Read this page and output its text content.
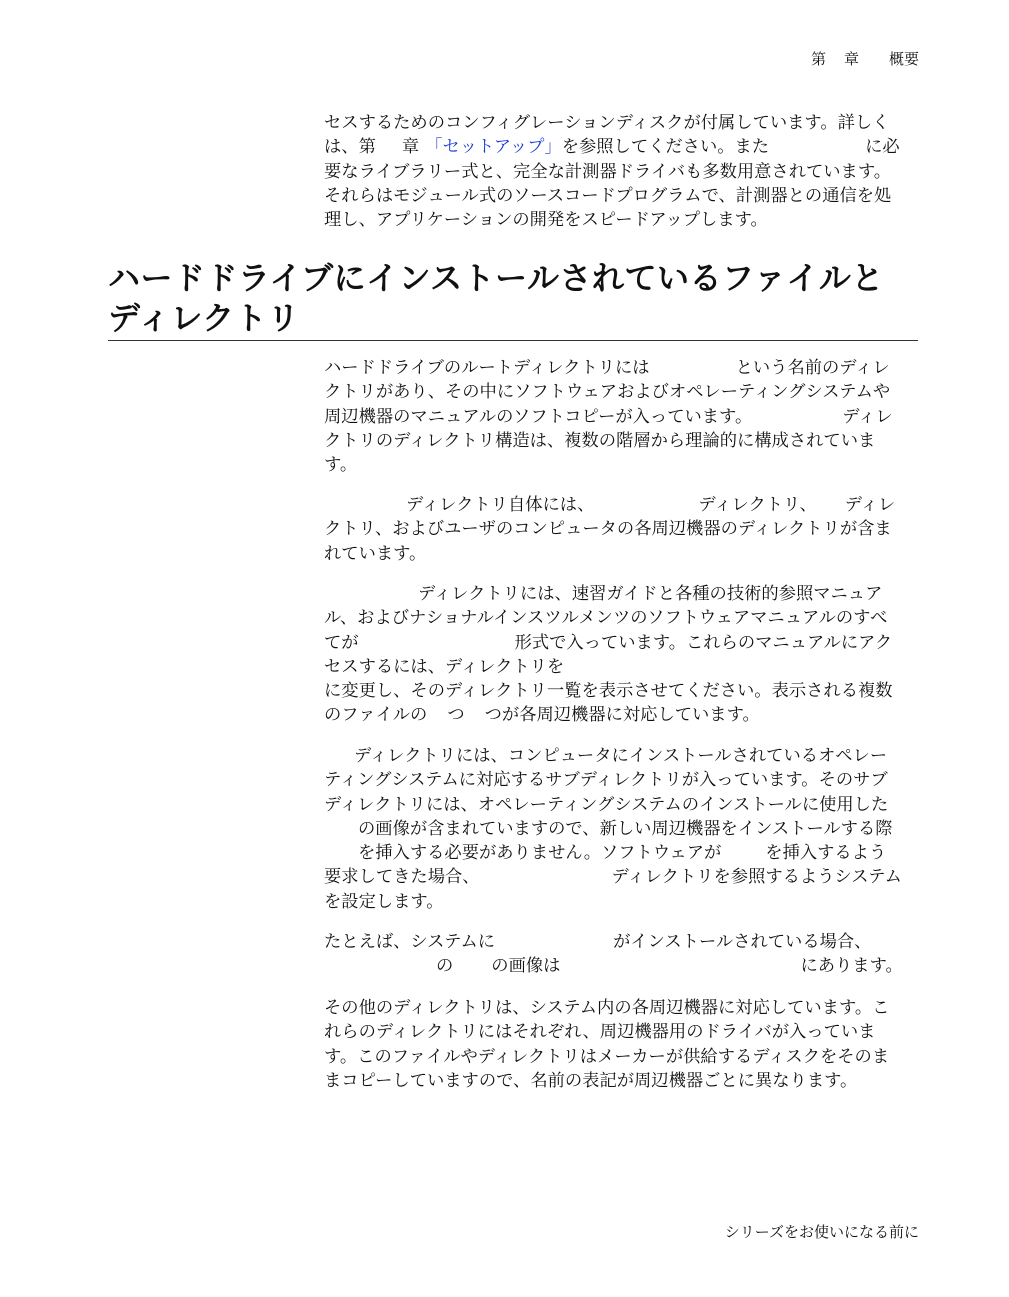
第 章 概要
セスするためのコンフィグレーションディスクが付属しています。詳しく
は、第 章 「セットアップ」を参照してください。また	に必
要なライブラリー式と、完全な計測器ドライバも多数用意されています。
それらはモジュール式のソースコードプログラムで、計測器との通信を処
理し、アプリケーションの開発をスピードアップします。
ハードドライブにインストールされているファイルと
ディレクトリ
ハードドライブのルートディレクトリには	という名前のディレ
クトリがあり、その中にソフトウェアおよびオペレーティングシステムや
周辺機器のマニュアルのソフトコピーが入っています。	ディレ
クトリのディレクトリ構造は、複数の階層から理論的に構成されていま
す。
ディレクトリ自体には、	ディレクトリ、 ディレ
クトリ、およびユーザのコンピュータの各周辺機器のディレクトリが含ま
れています。
ディレクトリには、速習ガイドと各種の技術的参照マニュア
ル、およびナショナルインスツルメンツのソフトウェアマニュアルのすべ
てが	形式で入っています。これらのマニュアルにアク
セスするには、ディレクトリを
に変更し、そのディレクトリ一覧を表示させてください。表示される複数
のファイルの つ つが各周辺機器に対応しています。
ディレクトリには、コンピュータにインストールされているオペレー
ティングシステムに対応するサブディレクトリが入っています。そのサブ
ディレクトリには、オペレーティングシステムのインストールに使用した
の画像が含まれていますので、新しい周辺機器をインストールする際
を挿入する必要がありません。ソフトウェアが	を挿入するよう
要求してきた場合、	ディレクトリを参照するようシステム
を設定します。
たとえば、システムに	がインストールされている場合、
の の画像は	にあります。
その他のディレクトリは、システム内の各周辺機器に対応しています。こ
れらのディレクトリにはそれぞれ、周辺機器用のドライバが入っていま
す。このファイルやディレクトリはメーカーが供給するディスクをそのま
まコピーしていますので、名前の表記が周辺機器ごとに異なります。
シリーズをお使いになる前に
